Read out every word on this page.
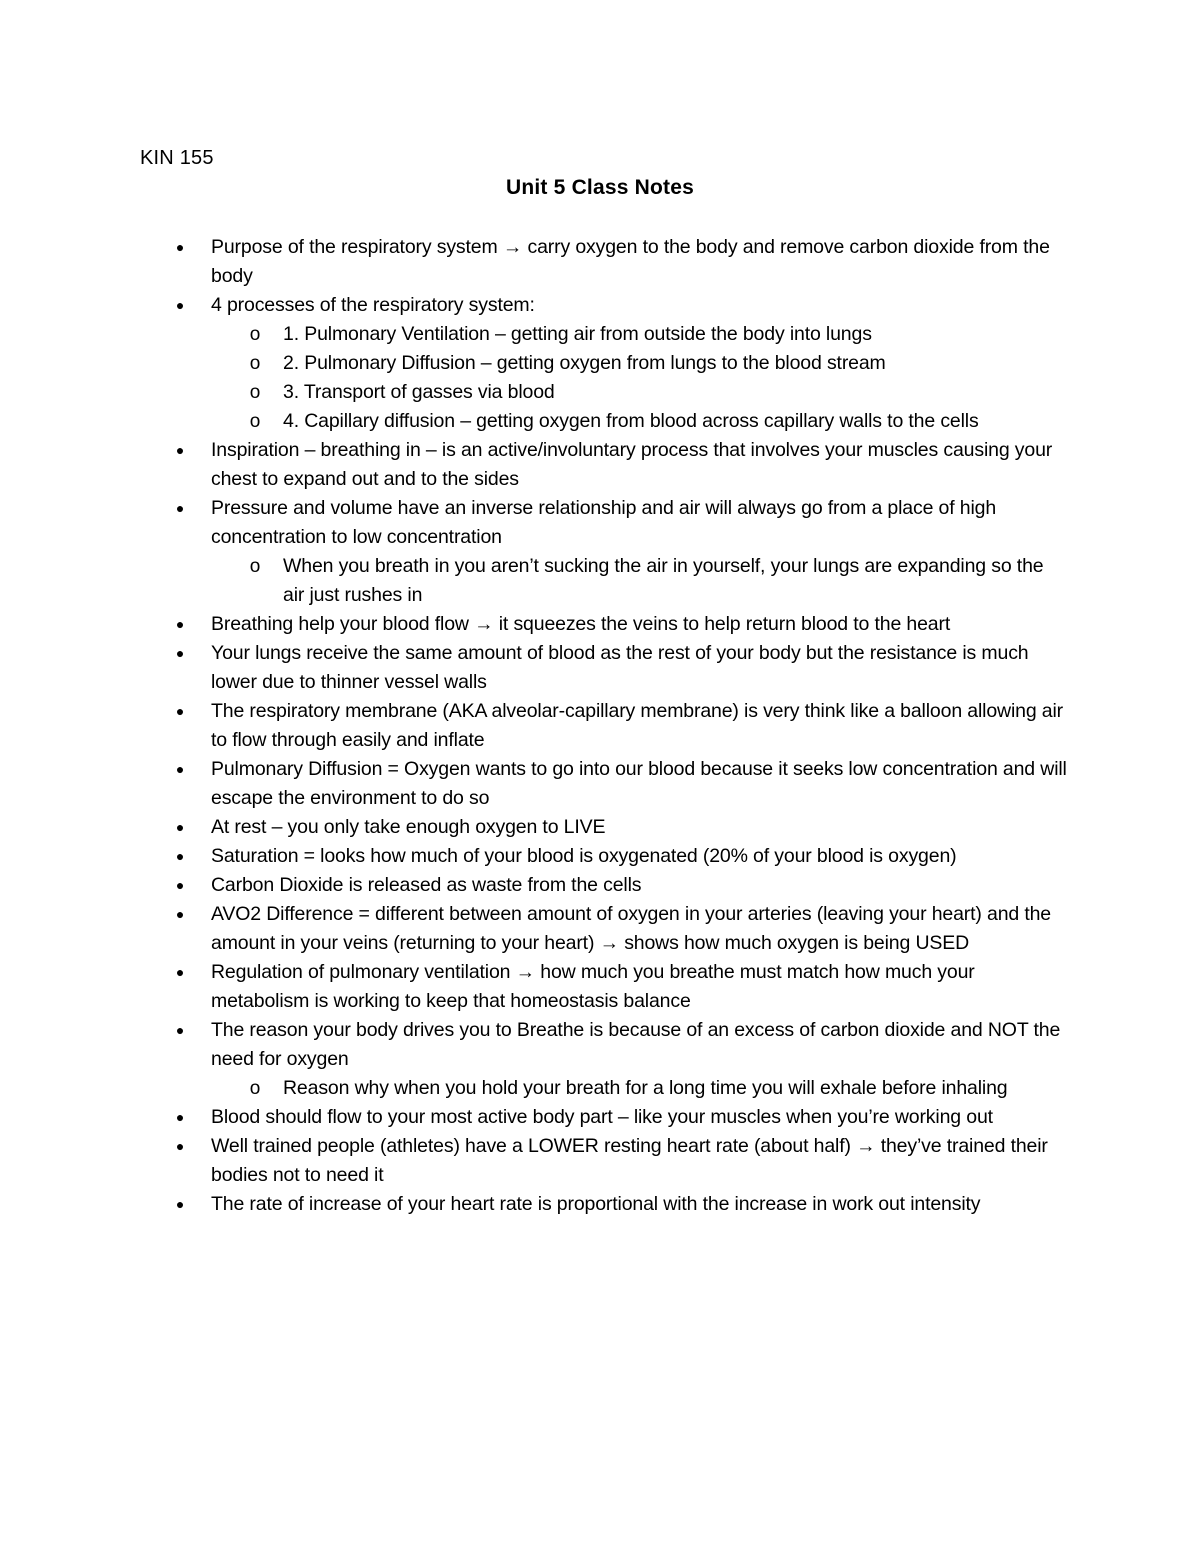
KIN 155
Unit 5 Class Notes
● Purpose of the respiratory system → carry oxygen to the body and remove carbon dioxide from the body
● 4 processes of the respiratory system:
o 1. Pulmonary Ventilation – getting air from outside the body into lungs
o 2. Pulmonary Diffusion – getting oxygen from lungs to the blood stream
o 3. Transport of gasses via blood
o 4. Capillary diffusion – getting oxygen from blood across capillary walls to the cells
● Inspiration – breathing in – is an active/involuntary process that involves your muscles causing your chest to expand out and to the sides
● Pressure and volume have an inverse relationship and air will always go from a place of high concentration to low concentration
o When you breath in you aren’t sucking the air in yourself, your lungs are expanding so the air just rushes in
● Breathing help your blood flow → it squeezes the veins to help return blood to the heart
● Your lungs receive the same amount of blood as the rest of your body but the resistance is much lower due to thinner vessel walls
● The respiratory membrane (AKA alveolar-capillary membrane) is very think like a balloon allowing air to flow through easily and inflate
● Pulmonary Diffusion = Oxygen wants to go into our blood because it seeks low concentration and will escape the environment to do so
● At rest – you only take enough oxygen to LIVE
● Saturation = looks how much of your blood is oxygenated (20% of your blood is oxygen)
● Carbon Dioxide is released as waste from the cells
● AVO2 Difference = different between amount of oxygen in your arteries (leaving your heart) and the amount in your veins (returning to your heart) → shows how much oxygen is being USED
● Regulation of pulmonary ventilation → how much you breathe must match how much your metabolism is working to keep that homeostasis balance
● The reason your body drives you to Breathe is because of an excess of carbon dioxide and NOT the need for oxygen
o Reason why when you hold your breath for a long time you will exhale before inhaling
● Blood should flow to your most active body part – like your muscles when you’re working out
● Well trained people (athletes) have a LOWER resting heart rate (about half) → they’ve trained their bodies not to need it
● The rate of increase of your heart rate is proportional with the increase in work out intensity
